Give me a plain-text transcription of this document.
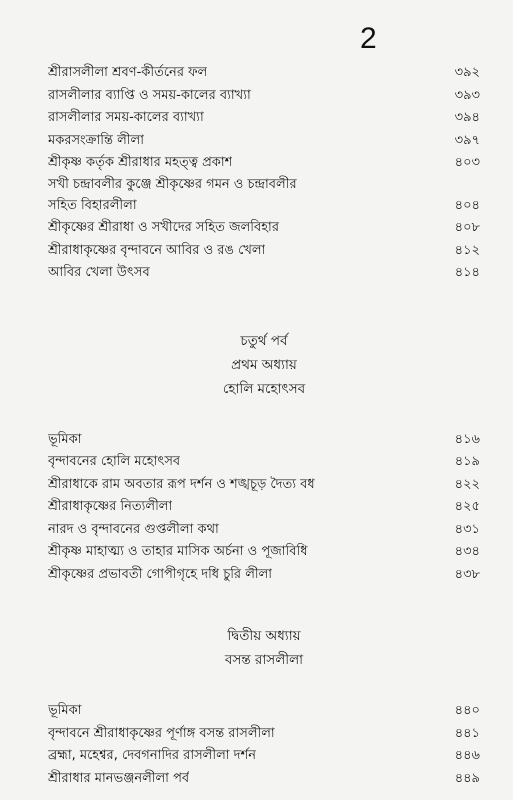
2
শ্রীরাসলীলা শ্রবণ-কীর্তনের ফল	৩৯২
রাসলীলার ব্যাপ্তি ও সময়-কালের ব্যাখ্যা	৩৯৩
রাসলীলার সময়-কালের ব্যাখ্যা	৩৯৪
মকরসংক্রান্তি লীলা	৩৯৭
শ্রীকৃষ্ণ কর্তৃক শ্রীরাধার মহত্ত্ব প্রকাশ	৪০৩
সখী চন্দ্রাবলীর কুঞ্জে শ্রীকৃষ্ণের গমন ও চন্দ্রাবলীর
সহিত বিহারলীলা	৪০৪
শ্রীকৃষ্ণের শ্রীরাধা ও সখীদের সহিত জলবিহার	৪০৮
শ্রীরাধাকৃষ্ণের বৃন্দাবনে আবির ও রঙ খেলা	৪১২
আবির খেলা উৎসব	৪১৪
চতুর্থ পর্ব
প্রথম অধ্যায়
হোলি মহোৎসব
ভূমিকা	৪১৬
বৃন্দাবনের হোলি মহোৎসব	৪১৯
শ্রীরাধাকে রাম অবতার রূপ দর্শন ও শঙ্খচূড় দৈত্য বধ	৪২২
শ্রীরাধাকৃষ্ণের নিত্যলীলা	৪২৫
নারদ ও বৃন্দাবনের গুপ্তলীলা কথা	৪৩১
শ্রীকৃষ্ণ মাহাত্ম্য ও তাহার মাসিক অর্চনা ও পূজাবিধি	৪৩৪
শ্রীকৃষ্ণের প্রভাবতী গোপীগৃহে দধি চুরি লীলা	৪৩৮
দ্বিতীয় অধ্যায়
বসন্ত রাসলীলা
ভূমিকা	৪৪০
বৃন্দাবনে শ্রীরাধাকৃষ্ণের পূর্ণাঙ্গ বসন্ত রাসলীলা	৪৪১
ব্রহ্মা, মহেশ্বর, দেবগনাদির রাসলীলা দর্শন	৪৪৬
শ্রীরাধার মানভঞ্জনলীলা পর্ব	৪৪৯
